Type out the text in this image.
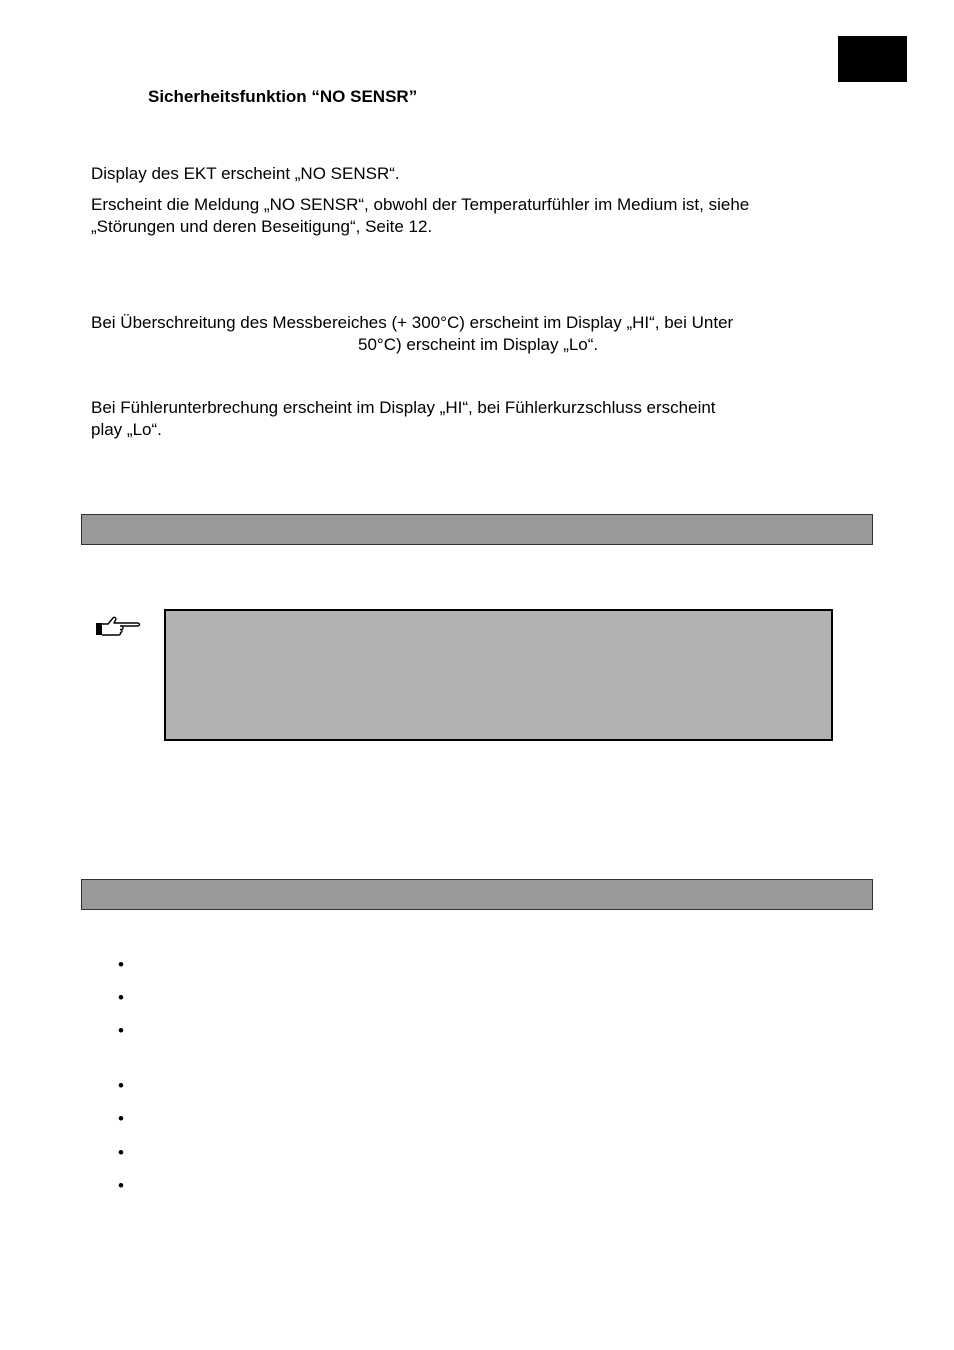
Sicherheitsfunktion “NO SENSR”
Display des EKT erscheint „NO SENSR“.
Erscheint die Meldung „NO SENSR“, obwohl der Temperaturfühler im Medium ist, siehe
„Störungen und deren Beseitigung“, Seite 12.
Bei Überschreitung des Messbereiches (+ 300°C) erscheint im Display „HI“, bei Unter
50°C) erscheint im Display „Lo“.
Bei Fühlerunterbrechung erscheint im Display „HI“, bei Fühlerkurzschluss erscheint
play „Lo“.
•
•
•
•
•
•
•
